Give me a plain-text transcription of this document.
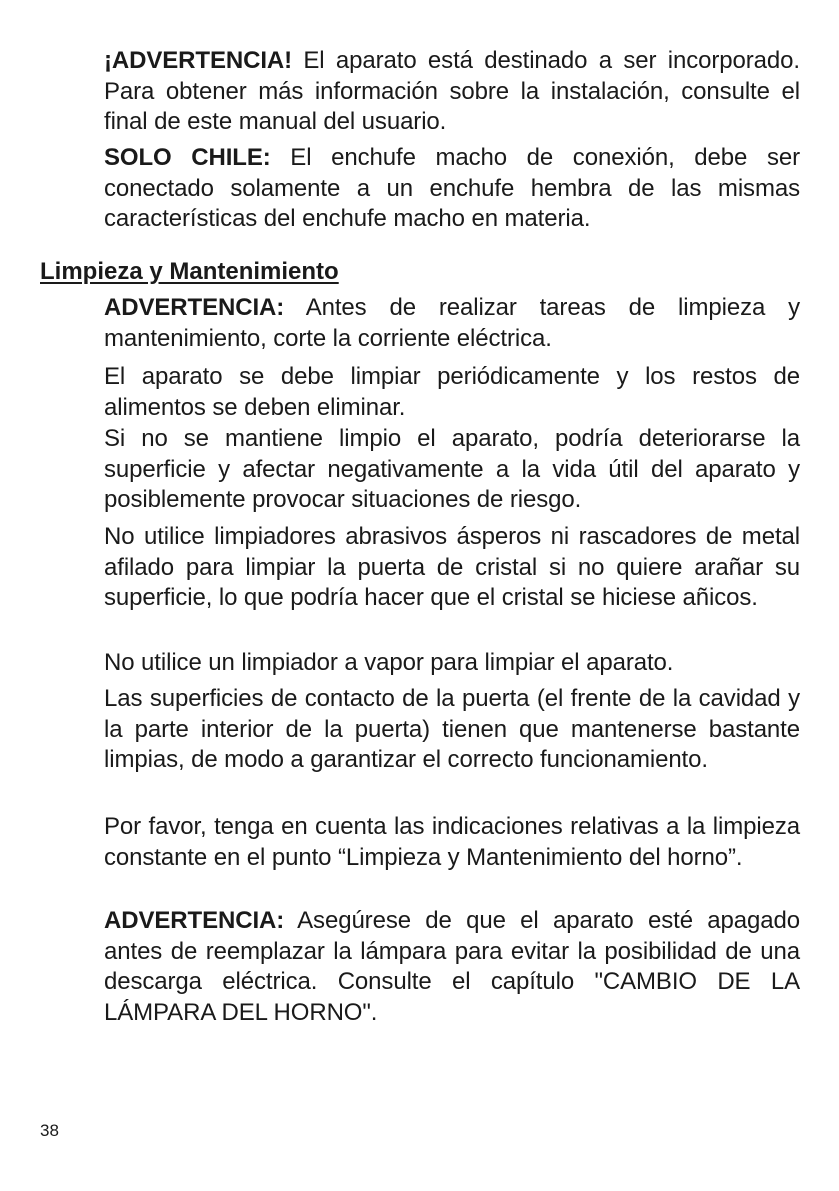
¡ADVERTENCIA! El aparato está destinado a ser incorporado. Para obtener más información sobre la instalación, consulte el final de este manual del usuario.

SOLO CHILE: El enchufe macho de conexión, debe ser conectado solamente a un enchufe hembra de las mismas características del enchufe macho en materia.

Limpieza y Mantenimiento

ADVERTENCIA: Antes de realizar tareas de limpieza y mantenimiento, corte la corriente eléctrica.

El aparato se debe limpiar periódicamente y los restos de alimentos se deben eliminar.

Si no se mantiene limpio el aparato, podría deteriorarse la superficie y afectar negativamente a la vida útil del aparato y posiblemente provocar situaciones de riesgo.

No utilice limpiadores abrasivos ásperos ni rascadores de metal afilado para limpiar la puerta de cristal si no quiere arañar su superficie, lo que podría hacer que el cristal se hiciese añicos.

No utilice un limpiador a vapor para limpiar el aparato.

Las superficies de contacto de la puerta (el frente de la cavidad y la parte interior de la puerta) tienen que mantenerse bastante limpias, de modo a garantizar el correcto funcionamiento.

Por favor, tenga en cuenta las indicaciones relativas a la limpieza constante en el punto “Limpieza y Mantenimiento del horno”.

ADVERTENCIA: Asegúrese de que el aparato esté apagado antes de reemplazar la lámpara para evitar la posibilidad de una descarga eléctrica. Consulte el capítulo "CAMBIO DE LA LÁMPARA DEL HORNO".

38
